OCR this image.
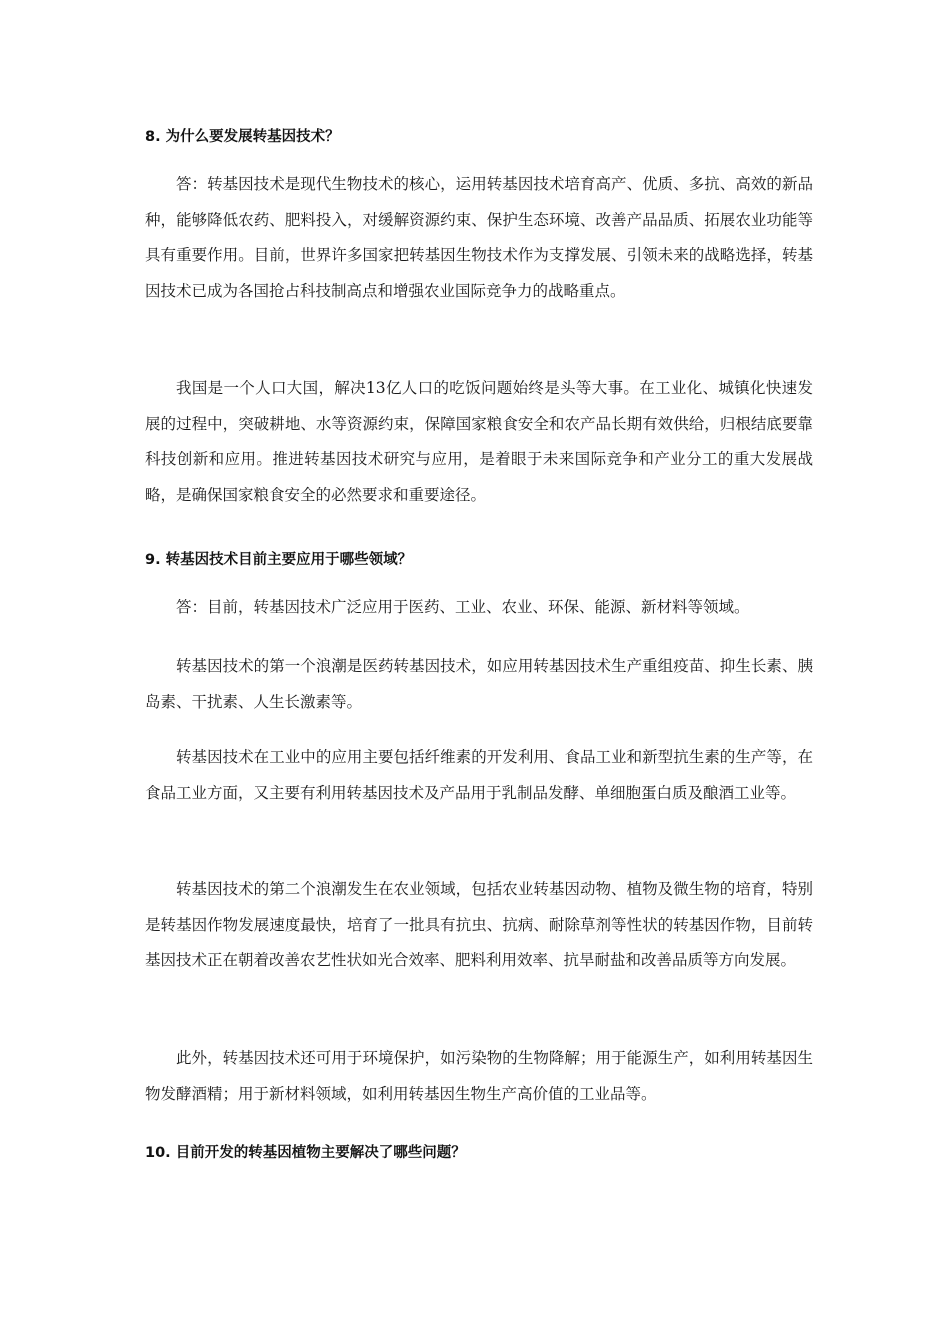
8. 为什么要发展转基因技术？
答：转基因技术是现代生物技术的核心，运用转基因技术培育高产、优质、多抗、高效的新品种，能够降低农药、肥料投入，对缓解资源约束、保护生态环境、改善产品品质、拓展农业功能等具有重要作用。目前，世界许多国家把转基因生物技术作为支撑发展、引领未来的战略选择，转基因技术已成为各国抢占科技制高点和增强农业国际竞争力的战略重点。
我国是一个人口大国，解决13亿人口的吃饭问题始终是头等大事。在工业化、城镇化快速发展的过程中，突破耕地、水等资源约束，保障国家粮食安全和农产品长期有效供给，归根结底要靠科技创新和应用。推进转基因技术研究与应用，是着眼于未来国际竞争和产业分工的重大发展战略，是确保国家粮食安全的必然要求和重要途径。
9. 转基因技术目前主要应用于哪些领域？
答：目前，转基因技术广泛应用于医药、工业、农业、环保、能源、新材料等领域。
转基因技术的第一个浪潮是医药转基因技术，如应用转基因技术生产重组疫苗、抑生长素、胰岛素、干扰素、人生长激素等。
转基因技术在工业中的应用主要包括纤维素的开发利用、食品工业和新型抗生素的生产等，在食品工业方面，又主要有利用转基因技术及产品用于乳制品发酵、单细胞蛋白质及酿酒工业等。
转基因技术的第二个浪潮发生在农业领域，包括农业转基因动物、植物及微生物的培育，特别是转基因作物发展速度最快，培育了一批具有抗虫、抗病、耐除草剂等性状的转基因作物，目前转基因技术正在朝着改善农艺性状如光合效率、肥料利用效率、抗旱耐盐和改善品质等方向发展。
此外，转基因技术还可用于环境保护，如污染物的生物降解；用于能源生产，如利用转基因生物发酵酒精；用于新材料领域，如利用转基因生物生产高价值的工业品等。
10. 目前开发的转基因植物主要解决了哪些问题？
